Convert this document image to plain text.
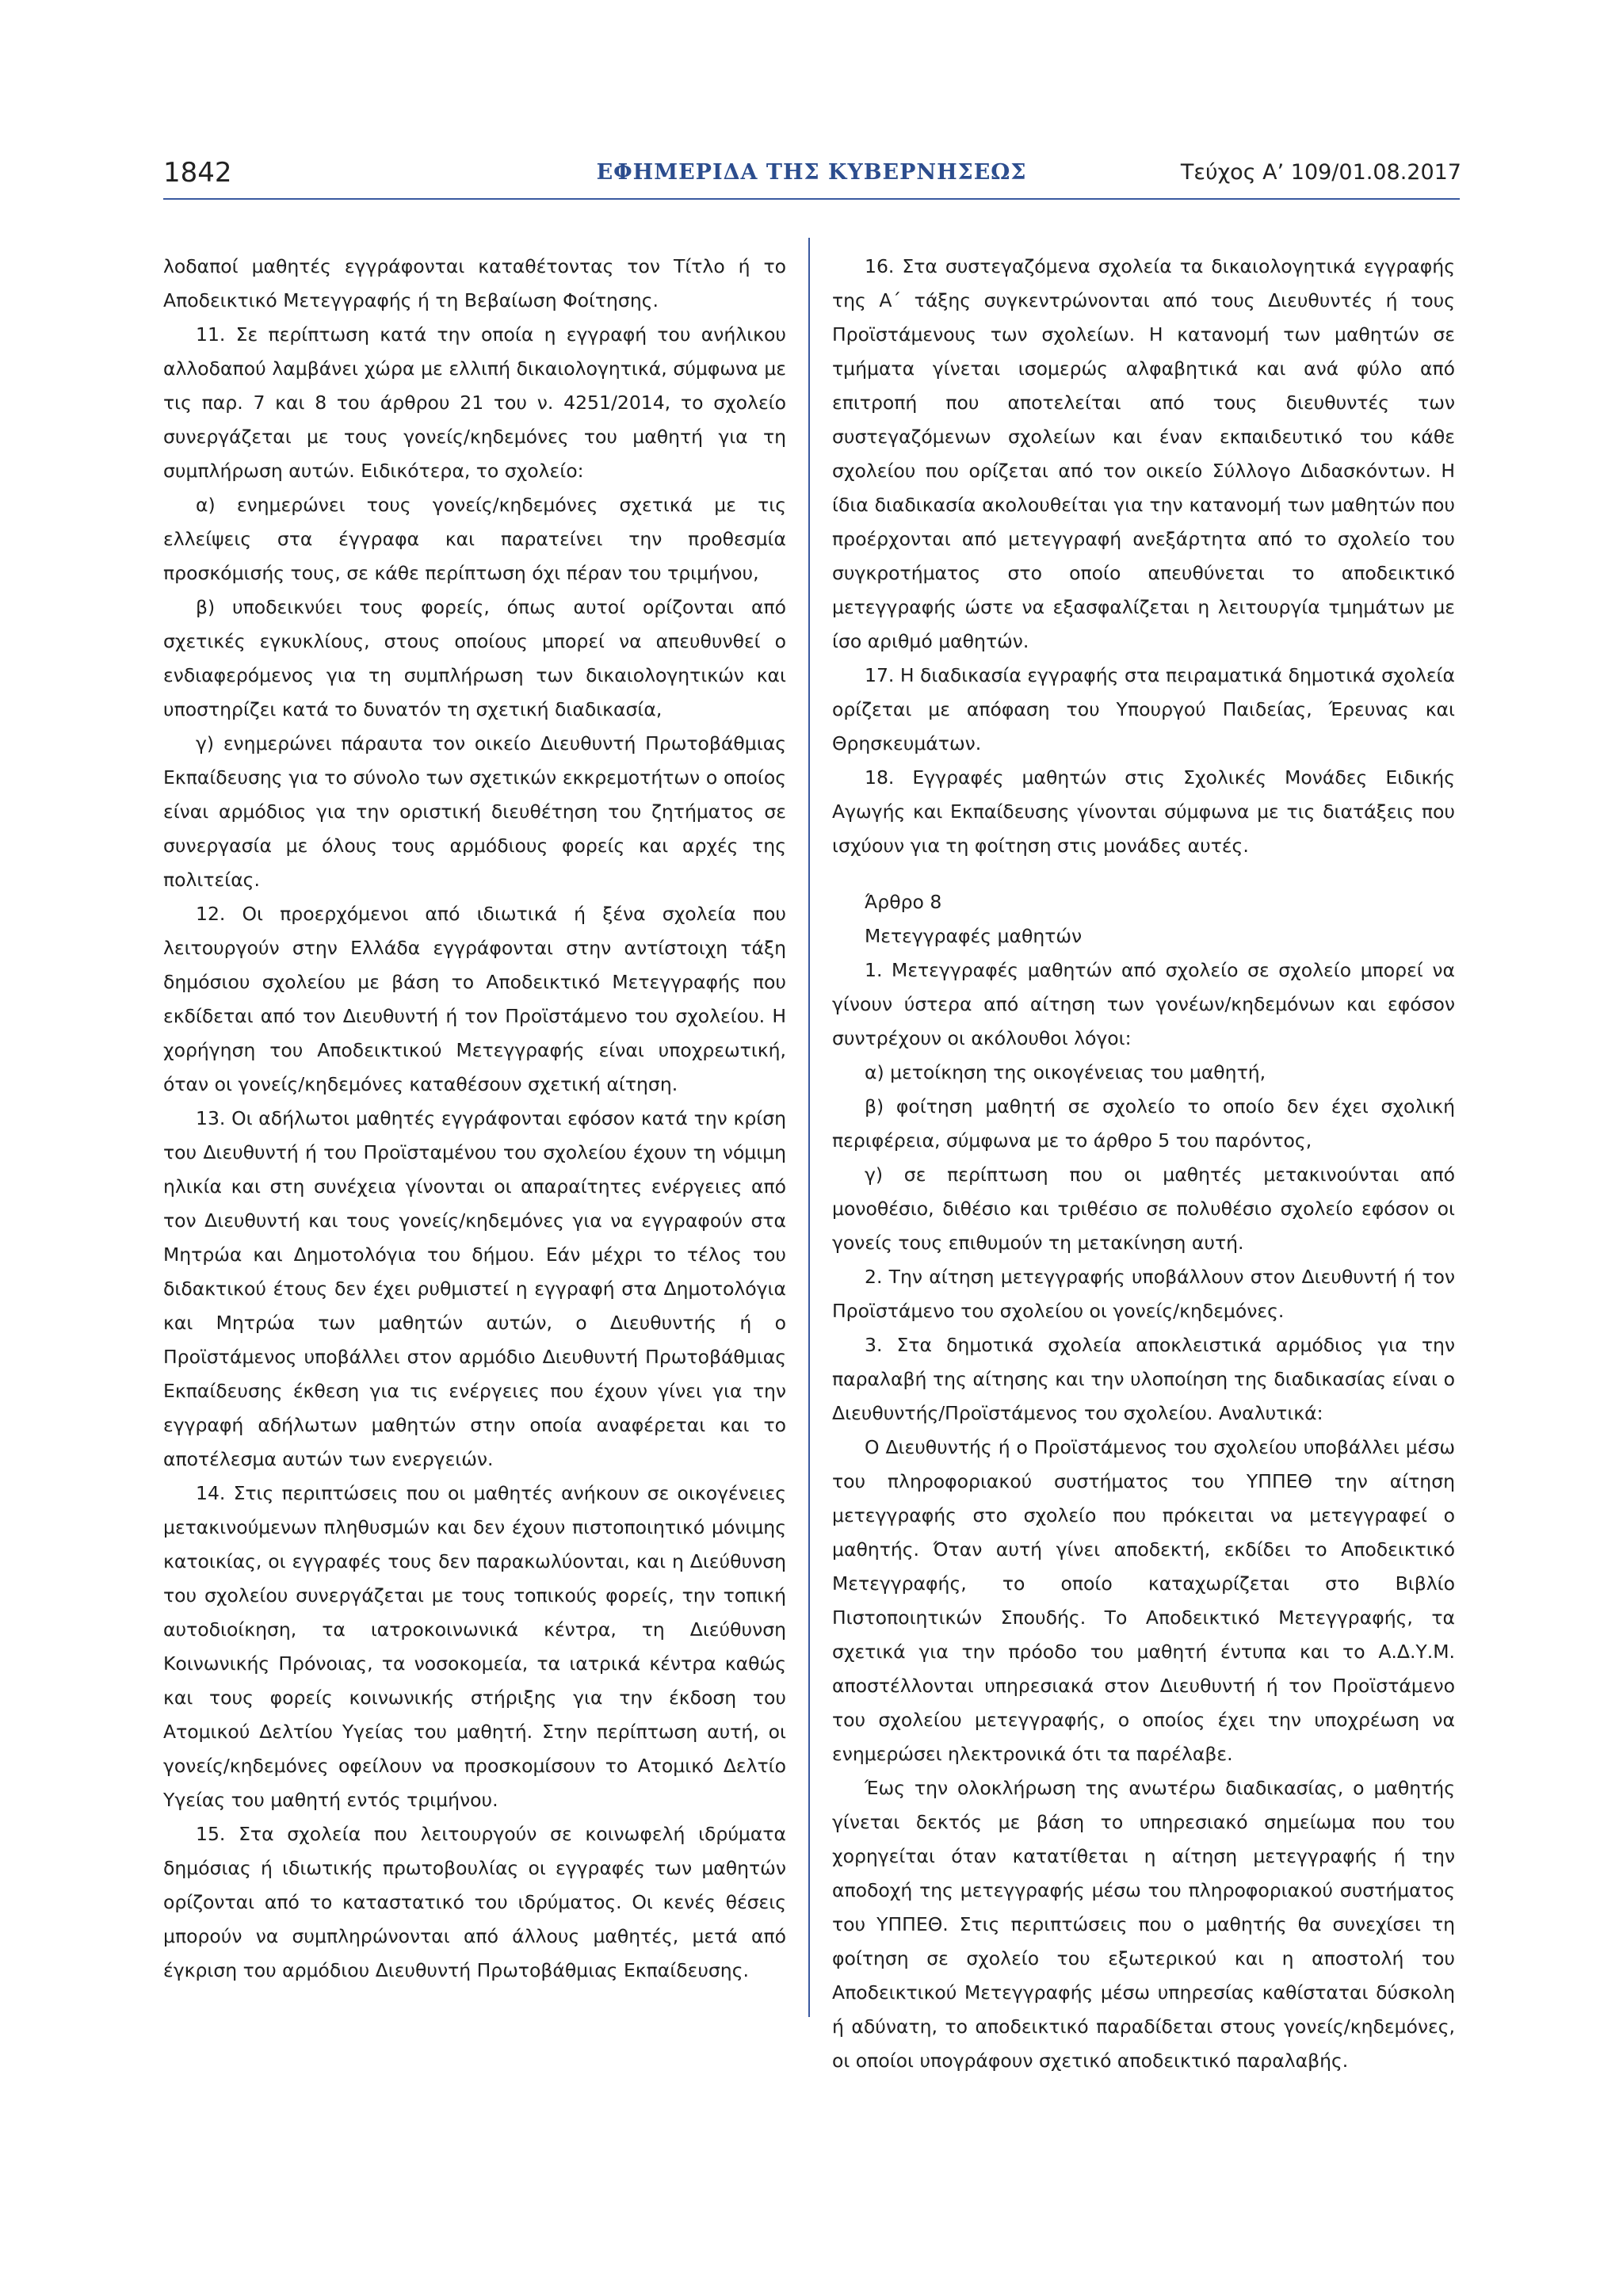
1842	ΕΦΗΜΕΡΙΔΑ ΤΗΣ ΚΥΒΕΡΝΗΣΕΩΣ	Τεύχος Α’ 109/01.08.2017

λοδαποί μαθητές εγγράφονται καταθέτοντας τον Τίτλο ή το Αποδεικτικό Μετεγγραφής ή τη Βεβαίωση Φοίτησης.

11. Σε περίπτωση κατά την οποία η εγγραφή του ανήλικου αλλοδαπού λαμβάνει χώρα με ελλιπή δικαιολογητικά, σύμφωνα με τις παρ. 7 και 8 του άρθρου 21 του ν. 4251/2014, το σχολείο συνεργάζεται με τους γονείς/κηδεμόνες του μαθητή για τη συμπλήρωση αυτών. Ειδικότερα, το σχολείο:

α) ενημερώνει τους γονείς/κηδεμόνες σχετικά με τις ελλείψεις στα έγγραφα και παρατείνει την προθεσμία προσκόμισής τους, σε κάθε περίπτωση όχι πέραν του τριμήνου,

β) υποδεικνύει τους φορείς, όπως αυτοί ορίζονται από σχετικές εγκυκλίους, στους οποίους μπορεί να απευθυνθεί ο ενδιαφερόμενος για τη συμπλήρωση των δικαιολογητικών και υποστηρίζει κατά το δυνατόν τη σχετική διαδικασία,

γ) ενημερώνει πάραυτα τον οικείο Διευθυντή Πρωτοβάθμιας Εκπαίδευσης για το σύνολο των σχετικών εκκρεμοτήτων ο οποίος είναι αρμόδιος για την οριστική διευθέτηση του ζητήματος σε συνεργασία με όλους τους αρμόδιους φορείς και αρχές της πολιτείας.

12. Οι προερχόμενοι από ιδιωτικά ή ξένα σχολεία που λειτουργούν στην Ελλάδα εγγράφονται στην αντίστοιχη τάξη δημόσιου σχολείου με βάση το Αποδεικτικό Μετεγγραφής που εκδίδεται από τον Διευθυντή ή τον Προϊστάμενο του σχολείου. Η χορήγηση του Αποδεικτικού Μετεγγραφής είναι υποχρεωτική, όταν οι γονείς/κηδεμόνες καταθέσουν σχετική αίτηση.

13. Οι αδήλωτοι μαθητές εγγράφονται εφόσον κατά την κρίση του Διευθυντή ή του Προϊσταμένου του σχολείου έχουν τη νόμιμη ηλικία και στη συνέχεια γίνονται οι απαραίτητες ενέργειες από τον Διευθυντή και τους γονείς/κηδεμόνες για να εγγραφούν στα Μητρώα και Δημοτολόγια του δήμου. Εάν μέχρι το τέλος του διδακτικού έτους δεν έχει ρυθμιστεί η εγγραφή στα Δημοτολόγια και Μητρώα των μαθητών αυτών, ο Διευθυντής ή ο Προϊστάμενος υποβάλλει στον αρμόδιο Διευθυντή Πρωτοβάθμιας Εκπαίδευσης έκθεση για τις ενέργειες που έχουν γίνει για την εγγραφή αδήλωτων μαθητών στην οποία αναφέρεται και το αποτέλεσμα αυτών των ενεργειών.

14. Στις περιπτώσεις που οι μαθητές ανήκουν σε οικογένειες μετακινούμενων πληθυσμών και δεν έχουν πιστοποιητικό μόνιμης κατοικίας, οι εγγραφές τους δεν παρακωλύονται, και η Διεύθυνση του σχολείου συνεργάζεται με τους τοπικούς φορείς, την τοπική αυτοδιοίκηση, τα ιατροκοινωνικά κέντρα, τη Διεύθυνση Κοινωνικής Πρόνοιας, τα νοσοκομεία, τα ιατρικά κέντρα καθώς και τους φορείς κοινωνικής στήριξης για την έκδοση του Ατομικού Δελτίου Υγείας του μαθητή. Στην περίπτωση αυτή, οι γονείς/κηδεμόνες οφείλουν να προσκομίσουν το Ατομικό Δελτίο Υγείας του μαθητή εντός τριμήνου.

15. Στα σχολεία που λειτουργούν σε κοινωφελή ιδρύματα δημόσιας ή ιδιωτικής πρωτοβουλίας οι εγγραφές των μαθητών ορίζονται από το καταστατικό του ιδρύματος. Οι κενές θέσεις μπορούν να συμπληρώνονται από άλλους μαθητές, μετά από έγκριση του αρμόδιου Διευθυντή Πρωτοβάθμιας Εκπαίδευσης.

16. Στα συστεγαζόμενα σχολεία τα δικαιολογητικά εγγραφής της Α΄ τάξης συγκεντρώνονται από τους Διευθυντές ή τους Προϊστάμενους των σχολείων. Η κατανομή των μαθητών σε τμήματα γίνεται ισομερώς αλφαβητικά και ανά φύλο από επιτροπή που αποτελείται από τους διευθυντές των συστεγαζόμενων σχολείων και έναν εκπαιδευτικό του κάθε σχολείου που ορίζεται από τον οικείο Σύλλογο Διδασκόντων. Η ίδια διαδικασία ακολουθείται για την κατανομή των μαθητών που προέρχονται από μετεγγραφή ανεξάρτητα από το σχολείο του συγκροτήματος στο οποίο απευθύνεται το αποδεικτικό μετεγγραφής ώστε να εξασφαλίζεται η λειτουργία τμημάτων με ίσο αριθμό μαθητών.

17. Η διαδικασία εγγραφής στα πειραματικά δημοτικά σχολεία ορίζεται με απόφαση του Υπουργού Παιδείας, Έρευνας και Θρησκευμάτων.

18. Εγγραφές μαθητών στις Σχολικές Μονάδες Ειδικής Αγωγής και Εκπαίδευσης γίνονται σύμφωνα με τις διατάξεις που ισχύουν για τη φοίτηση στις μονάδες αυτές.

Άρθρο 8

Μετεγγραφές μαθητών

1. Μετεγγραφές μαθητών από σχολείο σε σχολείο μπορεί να γίνουν ύστερα από αίτηση των γονέων/κηδεμόνων και εφόσον συντρέχουν οι ακόλουθοι λόγοι:

α) μετοίκηση της οικογένειας του μαθητή,

β) φοίτηση μαθητή σε σχολείο το οποίο δεν έχει σχολική περιφέρεια, σύμφωνα με το άρθρο 5 του παρόντος,

γ) σε περίπτωση που οι μαθητές μετακινούνται από μονοθέσιο, διθέσιο και τριθέσιο σε πολυθέσιο σχολείο εφόσον οι γονείς τους επιθυμούν τη μετακίνηση αυτή.

2. Την αίτηση μετεγγραφής υποβάλλουν στον Διευθυντή ή τον Προϊστάμενο του σχολείου οι γονείς/κηδεμόνες.

3. Στα δημοτικά σχολεία αποκλειστικά αρμόδιος για την παραλαβή της αίτησης και την υλοποίηση της διαδικασίας είναι ο Διευθυντής/Προϊστάμενος του σχολείου. Αναλυτικά:

Ο Διευθυντής ή ο Προϊστάμενος του σχολείου υποβάλλει μέσω του πληροφοριακού συστήματος του ΥΠΠΕΘ την αίτηση μετεγγραφής στο σχολείο που πρόκειται να μετεγγραφεί ο μαθητής. Όταν αυτή γίνει αποδεκτή, εκδίδει το Αποδεικτικό Μετεγγραφής, το οποίο καταχωρίζεται στο Βιβλίο Πιστοποιητικών Σπουδής. Το Αποδεικτικό Μετεγγραφής, τα σχετικά για την πρόοδο του μαθητή έντυπα και το Α.Δ.Υ.Μ. αποστέλλονται υπηρεσιακά στον Διευθυντή ή τον Προϊστάμενο του σχολείου μετεγγραφής, ο οποίος έχει την υποχρέωση να ενημερώσει ηλεκτρονικά ότι τα παρέλαβε.

Έως την ολοκλήρωση της ανωτέρω διαδικασίας, ο μαθητής γίνεται δεκτός με βάση το υπηρεσιακό σημείωμα που του χορηγείται όταν κατατίθεται η αίτηση μετεγγραφής ή την αποδοχή της μετεγγραφής μέσω του πληροφοριακού συστήματος του ΥΠΠΕΘ. Στις περιπτώσεις που ο μαθητής θα συνεχίσει τη φοίτηση σε σχολείο του εξωτερικού και η αποστολή του Αποδεικτικού Μετεγγραφής μέσω υπηρεσίας καθίσταται δύσκολη ή αδύνατη, το αποδεικτικό παραδίδεται στους γονείς/κηδεμόνες, οι οποίοι υπογράφουν σχετικό αποδεικτικό παραλαβής.
